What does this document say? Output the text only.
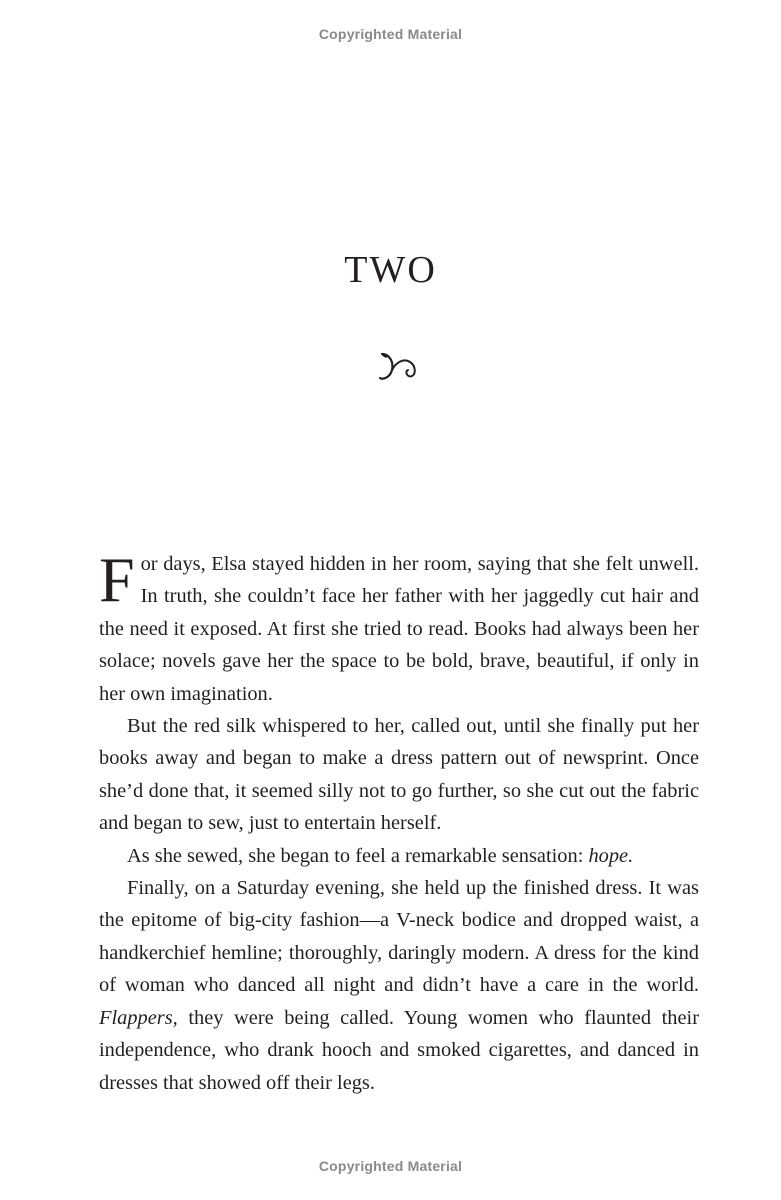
Copyrighted Material
TWO

For days, Elsa stayed hidden in her room, saying that she felt unwell. In truth, she couldn’t face her father with her jaggedly cut hair and the need it exposed. At first she tried to read. Books had always been her solace; novels gave her the space to be bold, brave, beautiful, if only in her own imagination.

But the red silk whispered to her, called out, until she finally put her books away and began to make a dress pattern out of newsprint. Once she’d done that, it seemed silly not to go further, so she cut out the fabric and began to sew, just to entertain herself.

As she sewed, she began to feel a remarkable sensation: hope.

Finally, on a Saturday evening, she held up the finished dress. It was the epitome of big-city fashion—a V-neck bodice and dropped waist, a handkerchief hemline; thoroughly, daringly modern. A dress for the kind of woman who danced all night and didn’t have a care in the world. Flappers, they were being called. Young women who flaunted their independence, who drank hooch and smoked cigarettes, and danced in dresses that showed off their legs.

Copyrighted Material
